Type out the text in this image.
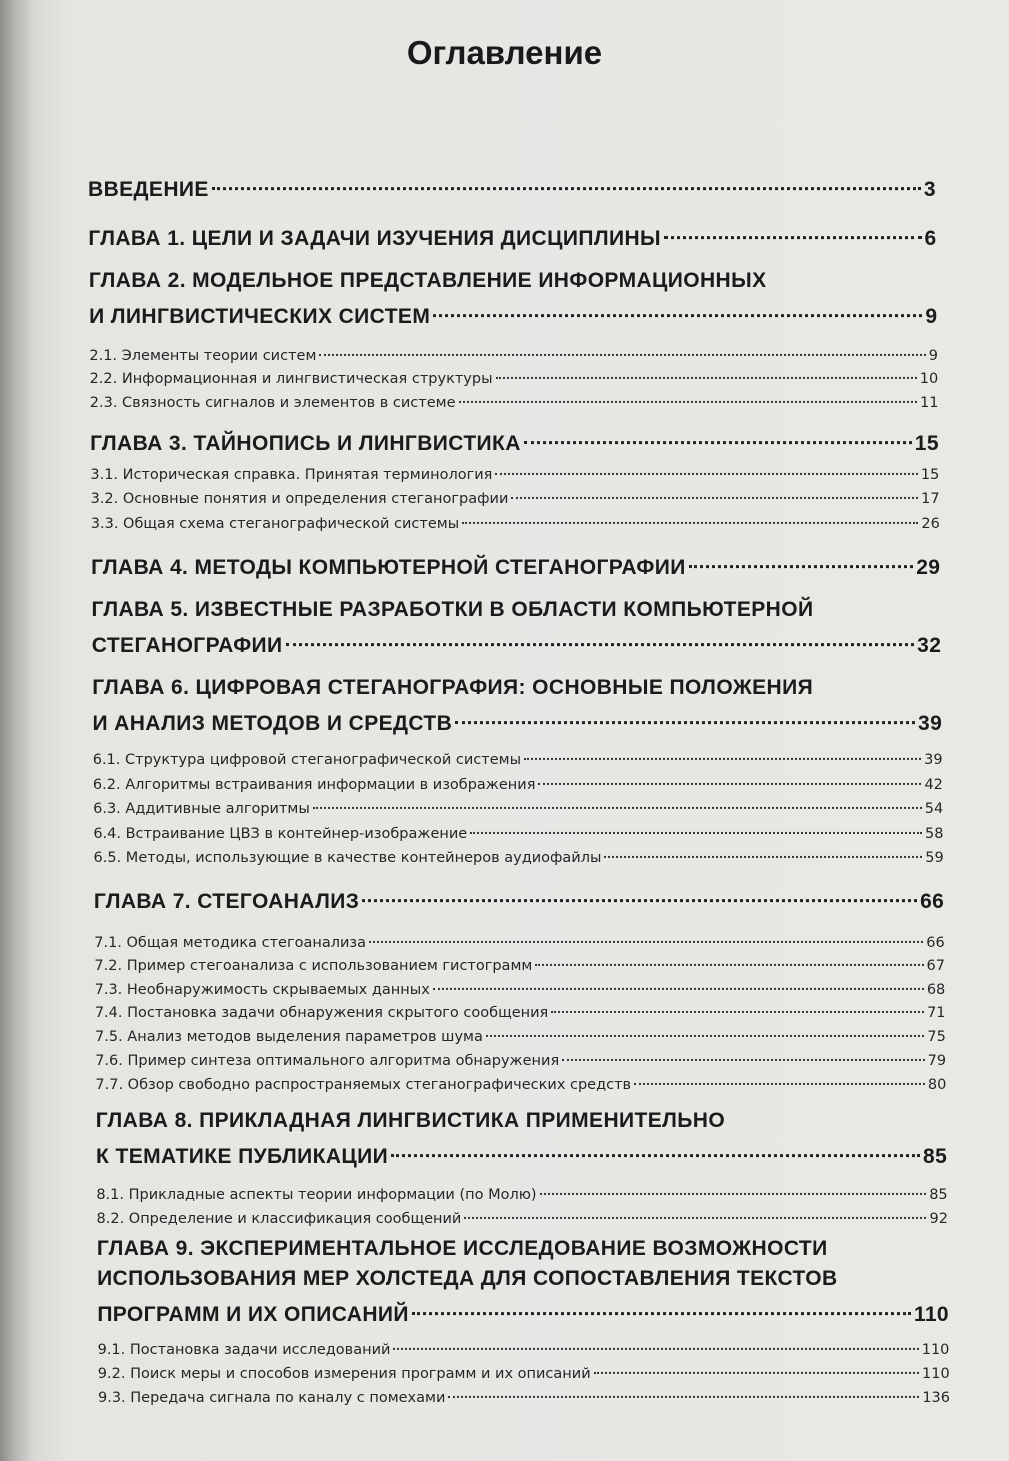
Оглавление
ВВЕДЕНИЕ	3
ГЛАВА 1. ЦЕЛИ И ЗАДАЧИ ИЗУЧЕНИЯ ДИСЦИПЛИНЫ	6
ГЛАВА 2. МОДЕЛЬНОЕ ПРЕДСТАВЛЕНИЕ ИНФОРМАЦИОННЫХ
И ЛИНГВИСТИЧЕСКИХ СИСТЕМ	9
2.1. Элементы теории систем	9
2.2. Информационная и лингвистическая структуры	10
2.3. Связность сигналов и элементов в системе	11
ГЛАВА 3. ТАЙНОПИСЬ И ЛИНГВИСТИКА	15
3.1. Историческая справка. Принятая терминология	15
3.2. Основные понятия и определения стеганографии	17
3.3. Общая схема стеганографической системы	26
ГЛАВА 4. МЕТОДЫ КОМПЬЮТЕРНОЙ СТЕГАНОГРАФИИ	29
ГЛАВА 5. ИЗВЕСТНЫЕ РАЗРАБОТКИ В ОБЛАСТИ КОМПЬЮТЕРНОЙ
СТЕГАНОГРАФИИ	32
ГЛАВА 6. ЦИФРОВАЯ СТЕГАНОГРАФИЯ: ОСНОВНЫЕ ПОЛОЖЕНИЯ
И АНАЛИЗ МЕТОДОВ И СРЕДСТВ	39
6.1. Структура цифровой стеганографической системы	39
6.2. Алгоритмы встраивания информации в изображения	42
6.3. Аддитивные алгоритмы	54
6.4. Встраивание ЦВЗ в контейнер-изображение	58
6.5. Методы, использующие в качестве контейнеров аудиофайлы	59
ГЛАВА 7. СТЕГОАНАЛИЗ	66
7.1. Общая методика стегоанализа	66
7.2. Пример стегоанализа с использованием гистограмм	67
7.3. Необнаружимость скрываемых данных	68
7.4. Постановка задачи обнаружения скрытого сообщения	71
7.5. Анализ методов выделения параметров шума	75
7.6. Пример синтеза оптимального алгоритма обнаружения	79
7.7. Обзор свободно распространяемых стеганографических средств	80
ГЛАВА 8. ПРИКЛАДНАЯ ЛИНГВИСТИКА ПРИМЕНИТЕЛЬНО
К ТЕМАТИКЕ ПУБЛИКАЦИИ	85
8.1. Прикладные аспекты теории информации (по Молю)	85
8.2. Определение и классификация сообщений	92
ГЛАВА 9. ЭКСПЕРИМЕНТАЛЬНОЕ ИССЛЕДОВАНИЕ ВОЗМОЖНОСТИ
ИСПОЛЬЗОВАНИЯ МЕР ХОЛСТЕДА ДЛЯ СОПОСТАВЛЕНИЯ ТЕКСТОВ
ПРОГРАММ И ИХ ОПИСАНИЙ	110
9.1. Постановка задачи исследований	110
9.2. Поиск меры и способов измерения программ и их описаний	110
9.3. Передача сигнала по каналу с помехами	136
